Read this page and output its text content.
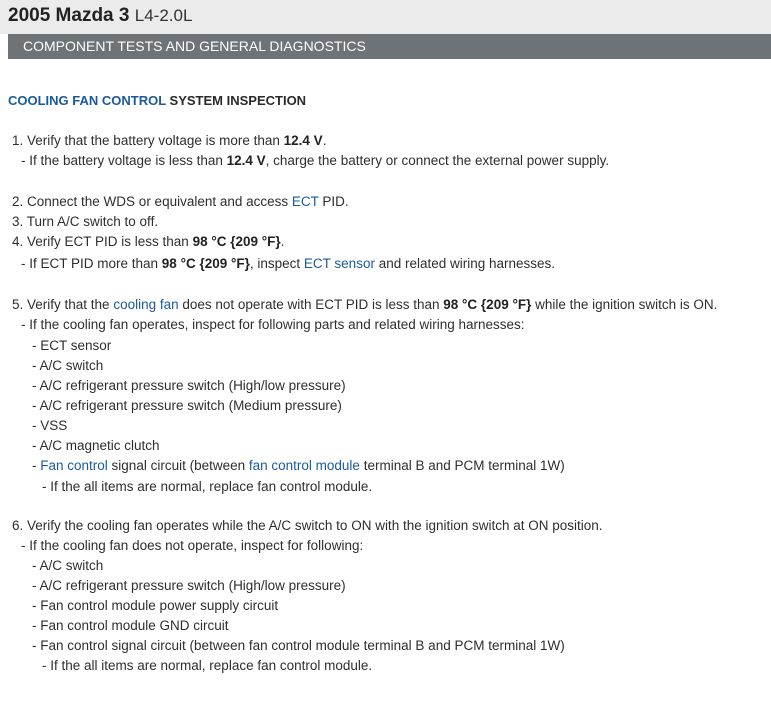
2005 Mazda 3 L4-2.0L
COMPONENT TESTS AND GENERAL DIAGNOSTICS
COOLING FAN CONTROL SYSTEM INSPECTION
1. Verify that the battery voltage is more than 12.4 V.
- If the battery voltage is less than 12.4 V, charge the battery or connect the external power supply.
2. Connect the WDS or equivalent and access ECT PID.
3. Turn A/C switch to off.
4. Verify ECT PID is less than 98 °C {209 °F}.
- If ECT PID more than 98 °C {209 °F}, inspect ECT sensor and related wiring harnesses.
5. Verify that the cooling fan does not operate with ECT PID is less than 98 °C {209 °F} while the ignition switch is ON.
- If the cooling fan operates, inspect for following parts and related wiring harnesses:
- ECT sensor
- A/C switch
- A/C refrigerant pressure switch (High/low pressure)
- A/C refrigerant pressure switch (Medium pressure)
- VSS
- A/C magnetic clutch
- Fan control signal circuit (between fan control module terminal B and PCM terminal 1W)
- If the all items are normal, replace fan control module.
6. Verify the cooling fan operates while the A/C switch to ON with the ignition switch at ON position.
- If the cooling fan does not operate, inspect for following:
- A/C switch
- A/C refrigerant pressure switch (High/low pressure)
- Fan control module power supply circuit
- Fan control module GND circuit
- Fan control signal circuit (between fan control module terminal B and PCM terminal 1W)
- If the all items are normal, replace fan control module.
